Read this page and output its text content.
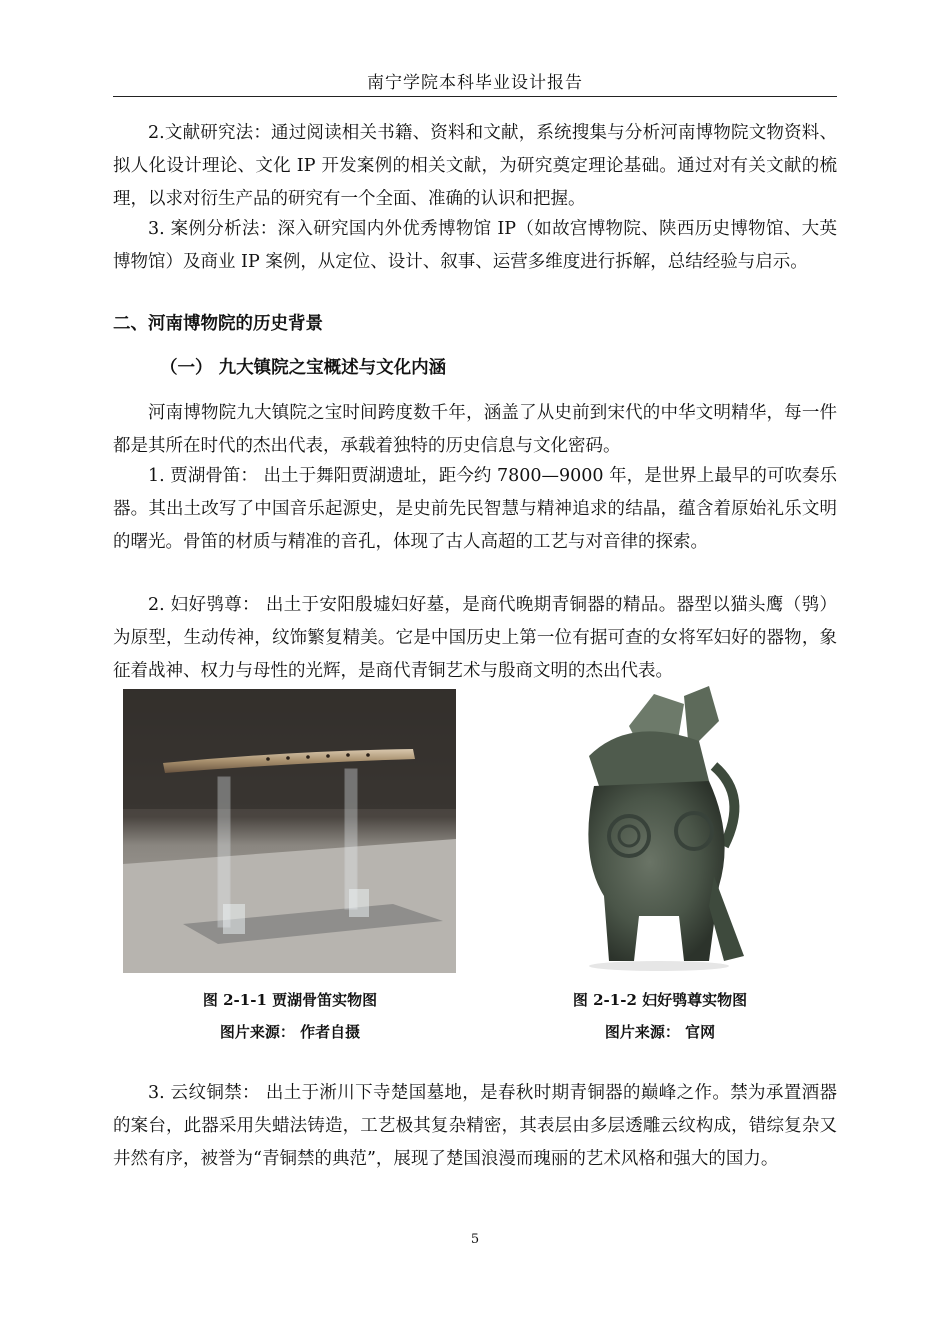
南宁学院本科毕业设计报告

2.文献研究法：通过阅读相关书籍、资料和文献，系统搜集与分析河南博物院文物资料、拟人化设计理论、文化 IP 开发案例的相关文献，为研究奠定理论基础。通过对有关文献的梳理，以求对衍生产品的研究有一个全面、准确的认识和把握。

3. 案例分析法：深入研究国内外优秀博物馆 IP（如故宫博物院、陕西历史博物馆、大英博物馆）及商业 IP 案例，从定位、设计、叙事、运营多维度进行拆解，总结经验与启示。

二、河南博物院的历史背景
（一） 九大镇院之宝概述与文化内涵

河南博物院九大镇院之宝时间跨度数千年，涵盖了从史前到宋代的中华文明精华，每一件都是其所在时代的杰出代表，承载着独特的历史信息与文化密码。

1. 贾湖骨笛： 出土于舞阳贾湖遗址，距今约 7800—9000 年，是世界上最早的可吹奏乐器。其出土改写了中国音乐起源史，是史前先民智慧与精神追求的结晶，蕴含着原始礼乐文明的曙光。骨笛的材质与精准的音孔，体现了古人高超的工艺与对音律的探索。

2. 妇好鸮尊： 出土于安阳殷墟妇好墓，是商代晚期青铜器的精品。器型以猫头鹰（鸮）为原型，生动传神，纹饰繁复精美。它是中国历史上第一位有据可查的女将军妇好的器物，象征着战神、权力与母性的光辉，是商代青铜艺术与殷商文明的杰出代表。

图 2-1-1 贾湖骨笛实物图
图片来源： 作者自摄
图 2-1-2 妇好鸮尊实物图
图片来源： 官网

3. 云纹铜禁： 出土于淅川下寺楚国墓地，是春秋时期青铜器的巅峰之作。禁为承置酒器的案台，此器采用失蜡法铸造，工艺极其复杂精密，其表层由多层透雕云纹构成，错综复杂又井然有序，被誉为“青铜禁的典范”，展现了楚国浪漫而瑰丽的艺术风格和强大的国力。

5
